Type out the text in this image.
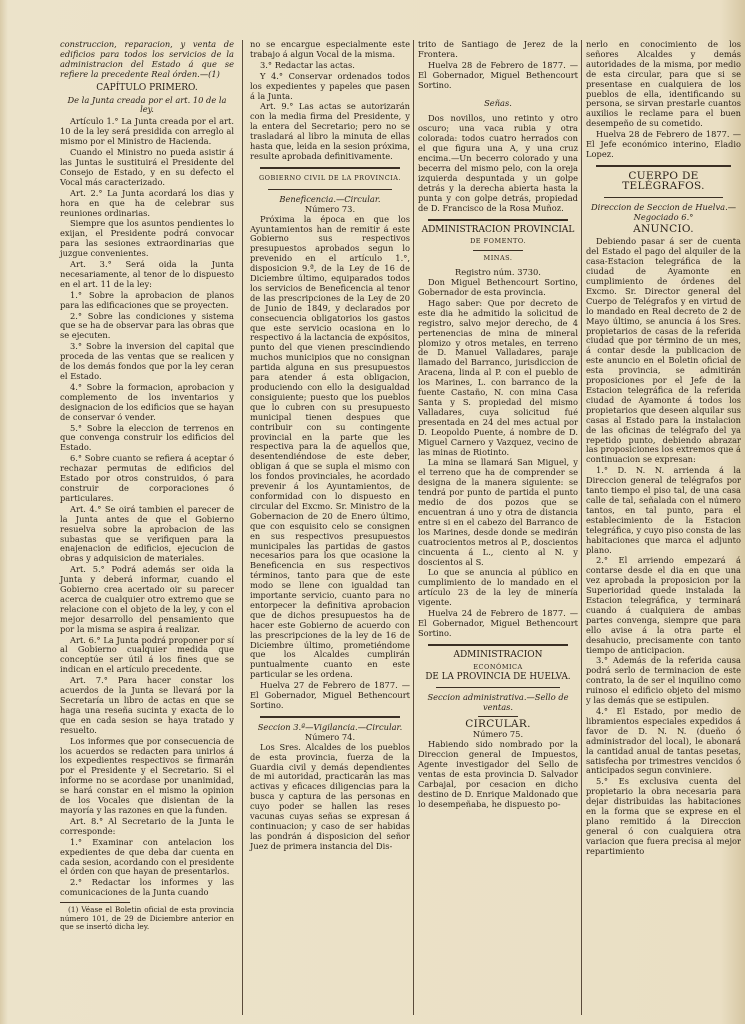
construccion, reparacion, y venta de edificios para todos los servicios de la administracion del Estado á que se refiere la precedente Real órden.—(1)

CAPÍTULO PRIMERO.
De la Junta creada por el art. 10 de la ley.

Artículo 1.° La Junta creada por el art. 10 de la ley será presidida con arreglo al mismo por el Ministro de Hacienda.

Cuando el Ministro no pueda asistir á las Juntas le sustituirá el Presidente del Consejo de Estado, y en su defecto el Vocal más caracterizado.

Art. 2.° La Junta acordará los dias y hora en que ha de celebrar sus reuniones ordinarias.

Siempre que los asuntos pendientes lo exijan, el Presidente podrá convocar para las sesiones extraordinarias que juzgue convenientes.

Art. 3.° Será oida la Junta necesariamente, al tenor de lo dispuesto en el art. 11 de la ley:

1.° Sobre la aprobacion de planos para las edificaciones que se proyecten.

2.° Sobre las condiciones y sistema que se ha de observar para las obras que se ejecuten.

3.° Sobre la inversion del capital que proceda de las ventas que se realicen y de los demás fondos que por la ley ceran el Estado.

4.° Sobre la formacion, aprobacion y complemento de los inventarios y designacion de los edificios que se hayan de conservar ó vender.

5.° Sobre la eleccion de terrenos en que convenga construir los edificios del Estado.

6.° Sobre cuanto se refiera á aceptar ó rechazar permutas de edificios del Estado por otros construidos, ó para construir de corporaciones ó particulares.

Art. 4.° Se oirá tambien el parecer de la Junta antes de que el Gobierno resuelva sobre la aprobacion de las subastas que se verifiquen para la enajenacion de edificios, ejecucion de obras y adquisicion de materiales.

Art. 5.° Podrá además ser oida la Junta y deberá informar, cuando el Gobierno crea acertado oir su parecer acerca de cualquier otro extremo que se relacione con el objeto de la ley, y con el mejor desarrollo del pensamiento que por la misma se aspira á realizar.

Art. 6.° La Junta podrá proponer por sí al Gobierno cualquier medida que conceptúe ser útil á los fines que se indican en el artículo precedente.

Art. 7.° Para hacer constar los acuerdos de la Junta se llevará por la Secretaría un libro de actas en que se haga una reseña sucinta y exacta de lo que en cada sesion se haya tratado y resuelto.

Los informes que por consecuencia de los acuerdos se redacten para unirlos á los expedientes respectivos se firmarán por el Presidente y el Secretario. Si el informe no se acordase por unanimidad, se hará constar en el mismo la opinion de los Vocales que disientan de la mayoría y las razones en que la funden.

Art. 8.° Al Secretario de la Junta le corresponde:

1.° Examinar con antelacion los expedientes de que deba dar cuenta en cada sesion, acordando con el presidente el órden con que hayan de presentarlos.

2.° Redactar los informes y las comunicaciones de la Junta cuando

(1) Véase el Boletin oficial de esta provincia número 101, de 29 de Diciembre anterior en que se insertó dicha ley.

no se encargue especialmente este trabajo á algun Vocal de la misma.

3.° Redactar las actas.

Y 4.° Conservar ordenados todos los expedientes y papeles que pasen á la Junta.

Art. 9.° Las actas se autorizarán con la media firma del Presidente, y la entera del Secretario; pero no se trasladará al libro la minuta de ellas hasta que, leida en la sesion próxima, resulte aprobada definitivamente.

GOBIERNO CIVIL DE LA PROVINCIA.
Beneficencia.—Circular.
Número 73.

Próxima la época en que los Ayuntamientos han de remitir á este Gobierno sus respectivos presupuestos aprobados segun lo prevenido en el artículo 1.°, disposicion 9.ª, de la Ley de 16 de Diciembre último, equiparados todos los servicios de Beneficencia al tenor de las prescripciones de la Ley de 20 de Junio de 1849, y declarados por consecuencia obligatorios los gastos que este servicio ocasiona en lo respectivo á la lactancia de expósitos, punto del que vienen prescindiendo muchos municipios que no consignan partida alguna en sus presupuestos para atender á esta obligacion, produciendo con ello la desigualdad consiguiente; puesto que los pueblos que lo cubren con su presupuesto municipal tienen despues que contribuir con su contingente provincial en la parte que les respectiva para la de aquellos que, desentendiéndose de este deber, obligan á que se supla el mismo con los fondos provinciales, he acordado prevenir á los Ayuntamientos, de conformidad con lo dispuesto en circular del Excmo. Sr. Ministro de la Gobernacion de 20 de Enero último, que con esquisito celo se consignen en sus respectivos presupuestos municipales las partidas de gastos necesarios para los que ocasione la Beneficencia en sus respectivos términos, tanto para que de este modo se llene con igualdad tan importante servicio, cuanto para no entorpecer la definitiva aprobacion que de dichos presupuestos ha de hacer este Gobierno de acuerdo con las prescripciones de la ley de 16 de Diciembre último, prometiéndome que los Alcaldes cumplirán puntualmente cuanto en este particular se les ordena.

Huelva 27 de Febrero de 1877. —El Gobernador, Miguel Bethencourt Sortino.

Seccion 3.ª—Vigilancia.—Circular.
Número 74.

Los Sres. Alcaldes de los pueblos de esta provincia, fuerza de la Guardia civil y demás dependientes de mi autoridad, practicarán las mas activas y eficaces diligencias para la busca y captura de las personas en cuyo poder se hallen las reses vacunas cuyas señas se expresan á continuacion; y caso de ser habidas las pondrán á disposicion del señor Juez de primera instancia del Dis-

trito de Santiago de Jerez de la Frontera.

Huelva 28 de Febrero de 1877. —El Gobernador, Miguel Bethencourt Sortino.

Señas.

Dos novillos, uno retinto y otro oscuro; una vaca rubia y otra colorada: todos cuatro herrados con el que figura una A, y una cruz encima.—Un becerro colorado y una becerra del mismo pelo, con la oreja izquierda despuntada y un golpe detrás y la derecha abierta hasta la punta y con golpe detrás, propiedad de D. Francisco de la Rosa Muñoz.

ADMINISTRACION PROVINCIAL
DE FOMENTO.
MINAS.
Registro núm. 3730.

Don Miguel Bethencourt Sortino, Gobernador de esta provincia.

Hago saber: Que por decreto de este dia he admitido la solicitud de registro, salvo mejor derecho, de 4 pertenencias de mina de mineral plomizo y otros metales, en terreno de D. Manuel Valladares, paraje llamado del Barranco, jurisdiccion de Aracena, linda al P. con el pueblo de los Marines, L. con barranco de la fuente Castaño, N. con mina Casa Santa y S. propiedad del mismo Valladares, cuya solicitud fué presentada en 24 del mes actual por D. Leopoldo Puente, á nombre de D. Miguel Carnero y Vazquez, vecino de las minas de Riotinto.

La mina se llamará San Miguel, y el terreno que ha de comprender se designa de la manera siguiente: se tendrá por punto de partida el punto medio de dos pozos que se encuentran á uno y otra de distancia entre si en el cabezo del Barranco de los Marines, desde donde se medirán cuatrocientos metros al P., doscientos cincuenta á L., ciento al N. y doscientos al S.

Lo que se anuncia al público en cumplimiento de lo mandado en el artículo 23 de la ley de minería vigente.

Huelva 24 de Febrero de 1877. —El Gobernador, Miguel Bethencourt Sortino.

ADMINISTRACION
ECONÓMICA
DE LA PROVINCIA DE HUELVA.
Seccion administrativa.—Sello de ventas.
CIRCULAR.
Número 75.

Habiendo sido nombrado por la Direccion general de Impuestos, Agente investigador del Sello de ventas de esta provincia D. Salvador Carbajal, por cesacion en dicho destino de D. Enrique Maldonado que lo desempeñaba, he dispuesto po-

nerlo en conocimiento de los señores Alcaldes y demás autoridades de la misma, por medio de esta circular, para que si se presentase en cualquiera de los pueblos de ella, identificando su persona, se sirvan prestarle cuantos auxilios le reclame para el buen desempeño de su cometido.

Huelva 28 de Febrero de 1877. —El Jefe económico interino, Eladio Lopez.

CUERPO DE TELÉGRAFOS.
Direccion de Seccion de Huelva.—Negociado 6.°
ANUNCIO.

Debiendo pasar á ser de cuenta del Estado el pago del alquiler de la casa-Estacion telegráfica de la ciudad de Ayamonte en cumplimiento de órdenes del Excmo. Sr. Director general del Cuerpo de Telégrafos y en virtud de lo mandado en Real decreto de 2 de Mayo último, se anuncia á los Sres. propietarios de casas de la referida ciudad que por término de un mes, á contar desde la publicacion de este anuncio en el Boletin oficial de esta provincia, se admitirán proposiciones por el Jefe de la Estacion telegráfica de la referida ciudad de Ayamonte á todos los propietarios que deseen alquilar sus casas al Estado para la instalacion de las oficinas de telégrafo del ya repetido punto, debiendo abrazar las proposiciones los extremos que á continuacion se expresan:

1.° D. N. N. arrienda á la Direccion general de telégrafos por tanto tiempo el piso tal, de una casa calle de tal, señalada con el número tantos, en tal punto, para el establecimiento de la Estacion telegráfica, y cuyo piso consta de las habitaciones que marca el adjunto plano.

2.° El arriendo empezará á contarse desde el dia en que una vez aprobada la proposicion por la Superioridad quede instalada la Estacion telegráfica, y terminará cuando á cualquiera de ambas partes convenga, siempre que para ello avise á la otra parte el desahucio, precisamente con tanto tiempo de anticipacion.

3.° Además de la referida causa podrá serlo de terminacion de este contrato, la de ser el inquilino como ruinoso el edificio objeto del mismo y las demás que se estipulen.

4.° El Estado, por medio de libramientos especiales expedidos á favor de D. N. N. (dueño ó administrador del local), le abonará la cantidad anual de tantas pesetas, satisfecha por trimestres vencidos ó anticipados segun conviniere.

5.° Es exclusiva cuenta del propietario la obra necesaria para dejar distribuidas las habitaciones en la forma que se exprese en el plano remitido á la Direccion general ó con cualquiera otra variacion que fuera precisa al mejor repartimiento
